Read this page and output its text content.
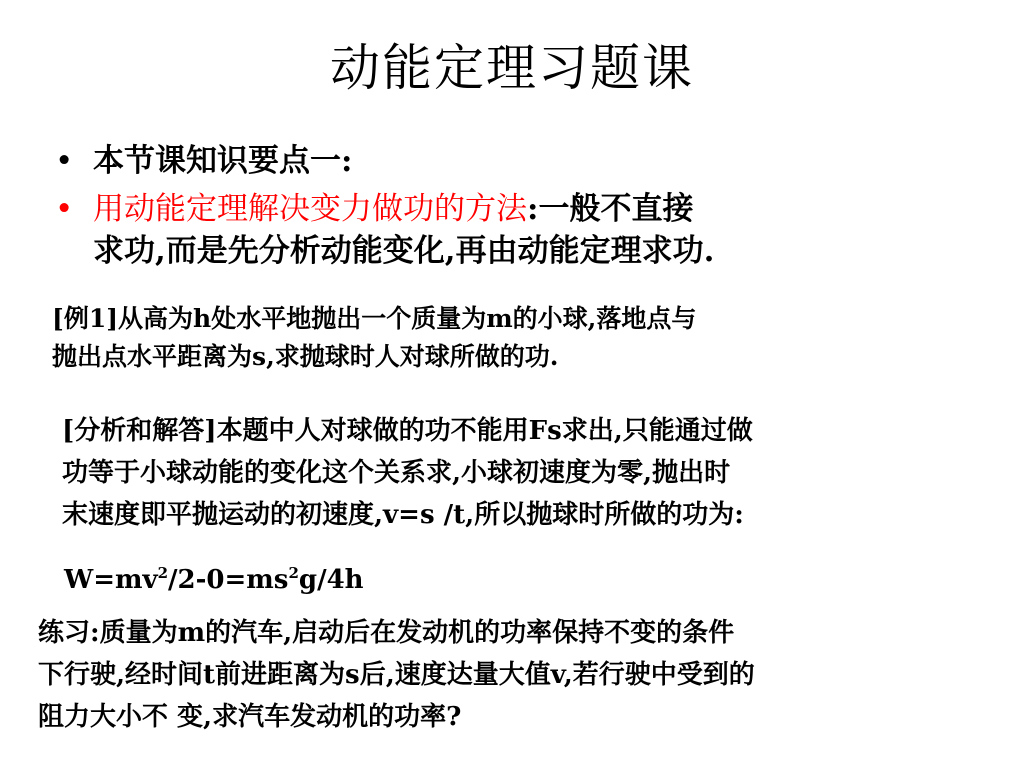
动能定理习题课
• 本节课知识要点一:
• 用动能定理解决变力做功的方法:一般不直接
求功,而是先分析动能变化,再由动能定理求功.
[例1]从高为h处水平地抛出一个质量为m的小球,落地点与
抛出点水平距离为s,求抛球时人对球所做的功.
[分析和解答]本题中人对球做的功不能用Fs求出,只能通过做
功等于小球动能的变化这个关系求,小球初速度为零,抛出时
末速度即平抛运动的初速度,v=s /t,所以抛球时所做的功为:
$W=mv^2/2-0=ms^2g/4h$
练习:质量为m的汽车,启动后在发动机的功率保持不变的条件
下行驶,经时间t前进距离为s后,速度达量大值v,若行驶中受到的
阻力大小不 变,求汽车发动机的功率?
